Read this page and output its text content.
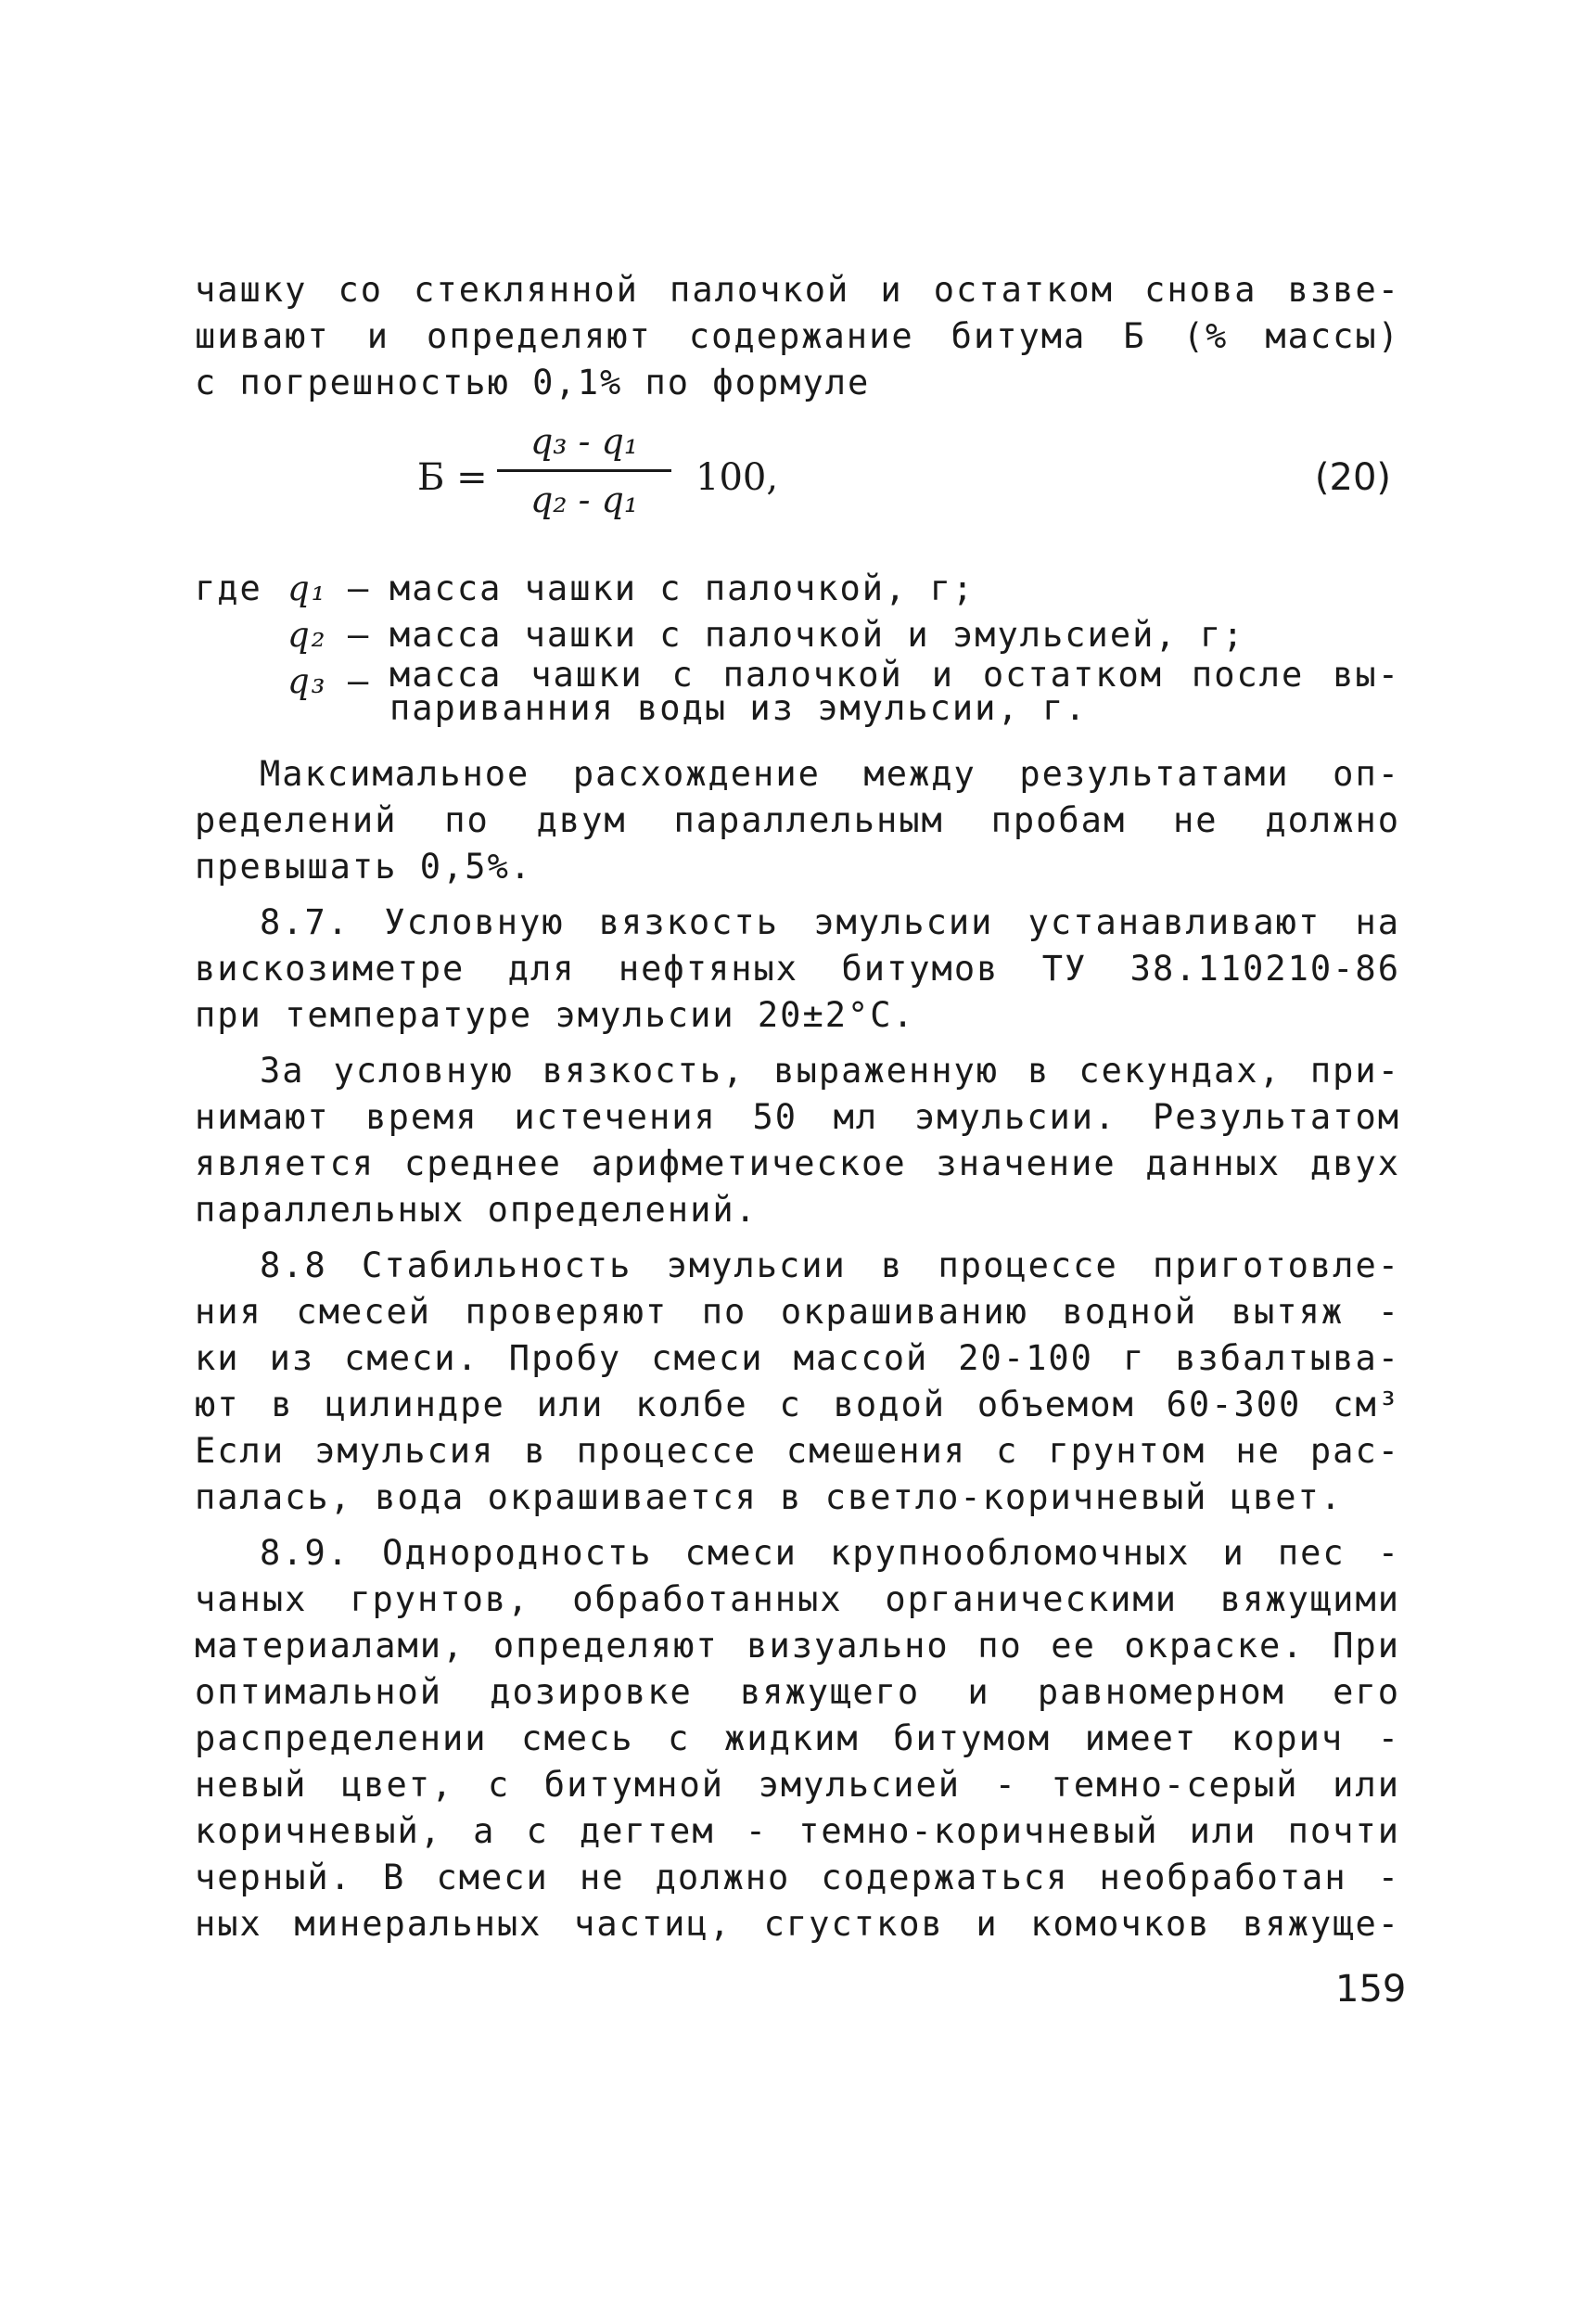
чашку со стеклянной палочкой и остатком снова взве-
шивают и определяют содержание битума Б (% массы)
с погрешностью 0,1% по формуле
Б =
q₃ - q₁
q₂ - q₁
100,	(20)
где q₁ – масса чашки с палочкой, г;
q₂ – масса чашки с палочкой и эмульсией, г;
q₃ – масса чашки с палочкой и остатком после вы-париванния воды из эмульсии, г.
Максимальное расхождение между результатами оп-
ределений по двум параллельным пробам не должно
превышать 0,5%.
8.7. Условную вязкость эмульсии устанавливают на
вискозиметре для нефтяных битумов ТУ 38.110210-86
при температуре эмульсии 20±2°С.
За условную вязкость, выраженную в секундах, при-
нимают время истечения 50 мл эмульсии. Результатом
является среднее арифметическое значение данных двух
параллельных определений.
8.8 Стабильность эмульсии в процессе приготовле-
ния смесей проверяют по окрашиванию водной вытяж -
ки из смеси. Пробу смеси массой 20-100 г взбалтыва-
ют в цилиндре или колбе с водой объемом 60-300 см³
Если эмульсия в процессе смешения с грунтом не рас-
палась, вода окрашивается в светло-коричневый цвет.
8.9. Однородность смеси крупнообломочных и пес -
чаных грунтов, обработанных органическими вяжущими
материалами, определяют визуально по ее окраске. При
оптимальной дозировке вяжущего и равномерном его
распределении смесь с жидким битумом имеет корич -
невый цвет, с битумной эмульсией - темно-серый или
коричневый, а с дегтем - темно-коричневый или почти
черный. В смеси не должно содержаться необработан -
ных минеральных частиц, сгустков и комочков вяжуще-
159
